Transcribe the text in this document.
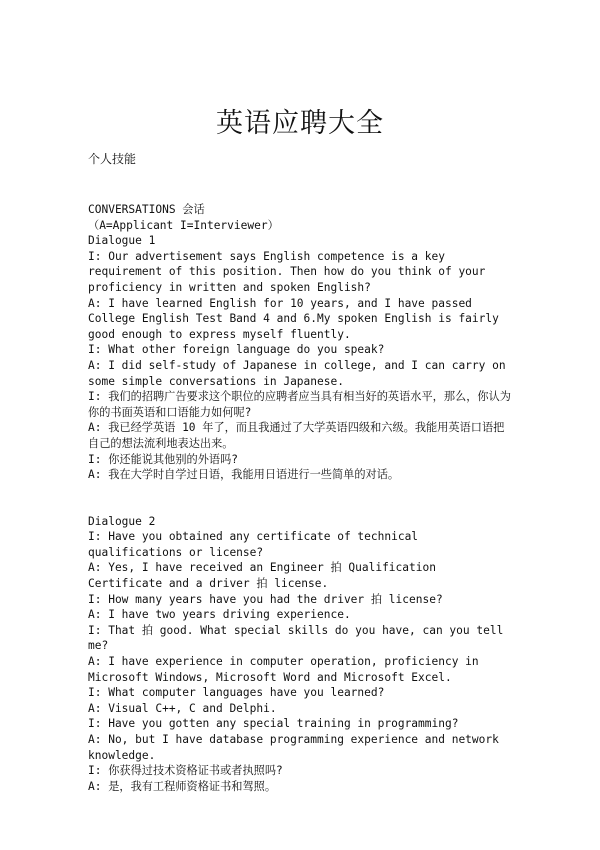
英语应聘大全
个人技能
CONVERSATIONS 会话
（A=Applicant I=Interviewer）
Dialogue 1
I: Our advertisement says English competence is a key requirement of this position. Then how do you think of your proficiency in written and spoken English?
A: I have learned English for 10 years, and I have passed College English Test Band 4 and 6.My spoken English is fairly good enough to express myself fluently.
I: What other foreign language do you speak?
A: I did self-study of Japanese in college, and I can carry on some simple conversations in Japanese.
I: 我们的招聘广告要求这个职位的应聘者应当具有相当好的英语水平，那么，你认为你的书面英语和口语能力如何呢?
A: 我已经学英语 10 年了，而且我通过了大学英语四级和六级。我能用英语口语把自己的想法流利地表达出来。
I: 你还能说其他别的外语吗?
A: 我在大学时自学过日语，我能用日语进行一些简单的对话。
Dialogue 2
I: Have you obtained any certificate of technical qualifications or license?
A: Yes, I have received an Engineer 拍 Qualification Certificate and a driver 拍 license.
I: How many years have you had the driver 拍 license?
A: I have two years driving experience.
I: That 拍 good. What special skills do you have, can you tell me?
A: I have experience in computer operation, proficiency in Microsoft Windows, Microsoft Word and Microsoft Excel.
I: What computer languages have you learned?
A: Visual C++, C and Delphi.
I: Have you gotten any special training in programming?
A: No, but I have database programming experience and network knowledge.
I: 你获得过技术资格证书或者执照吗?
A: 是，我有工程师资格证书和驾照。
